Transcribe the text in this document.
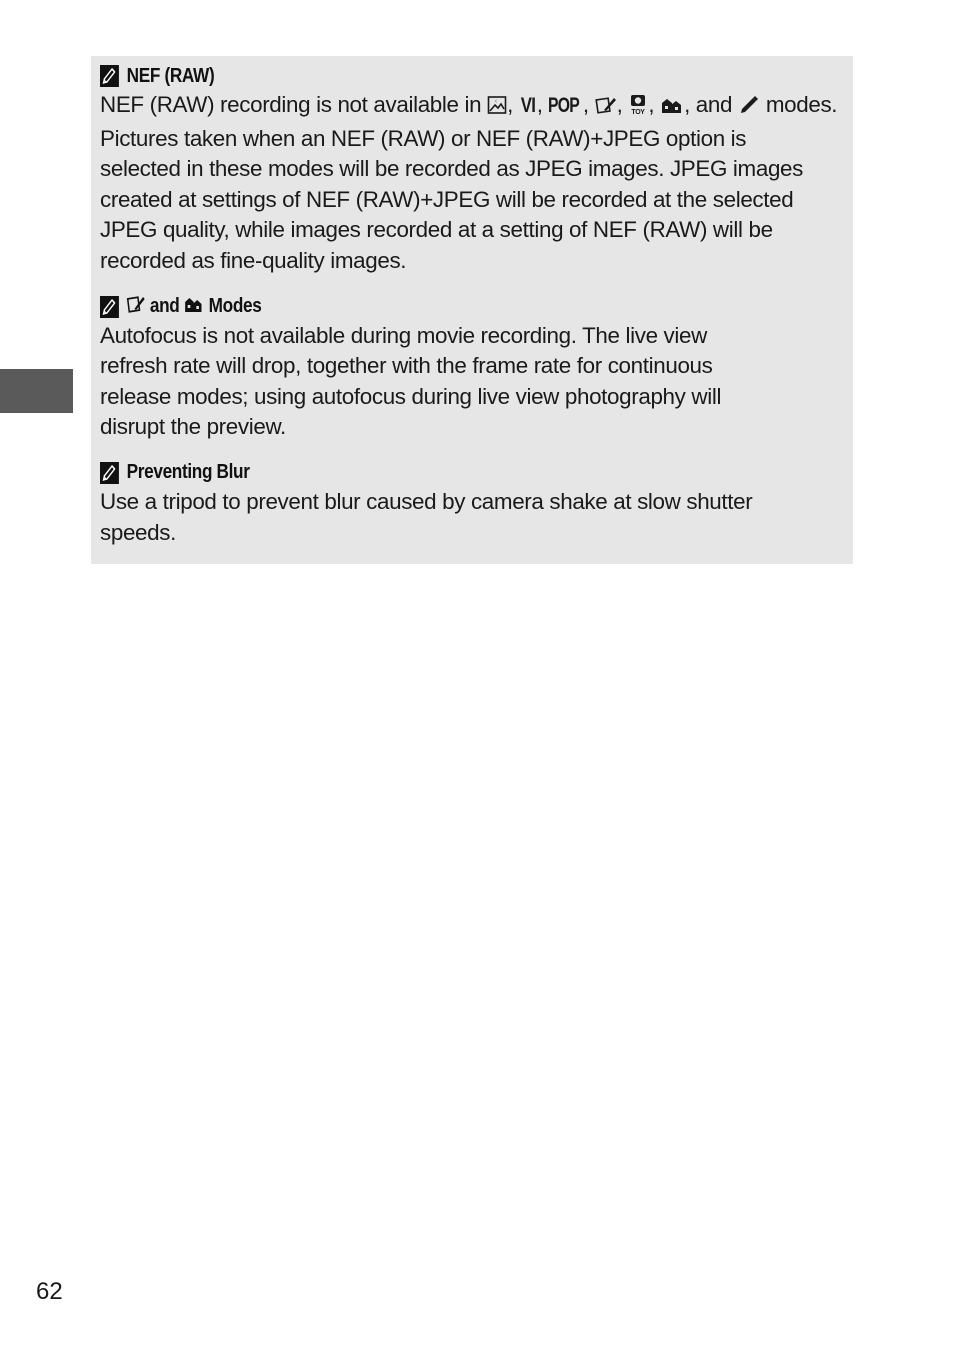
NEF (RAW)
NEF (RAW) recording is not available in , VI, POP , , TOY , , and  modes.
Pictures taken when an NEF (RAW) or NEF (RAW)+JPEG option is
selected in these modes will be recorded as JPEG images. JPEG images
created at settings of NEF (RAW)+JPEG will be recorded at the selected
JPEG quality, while images recorded at a setting of NEF (RAW) will be
recorded as fine-quality images.
and Modes
Autofocus is not available during movie recording. The live view
refresh rate will drop, together with the frame rate for continuous
release modes; using autofocus during live view photography will
disrupt the preview.
Preventing Blur
Use a tripod to prevent blur caused by camera shake at slow shutter
speeds.
62
